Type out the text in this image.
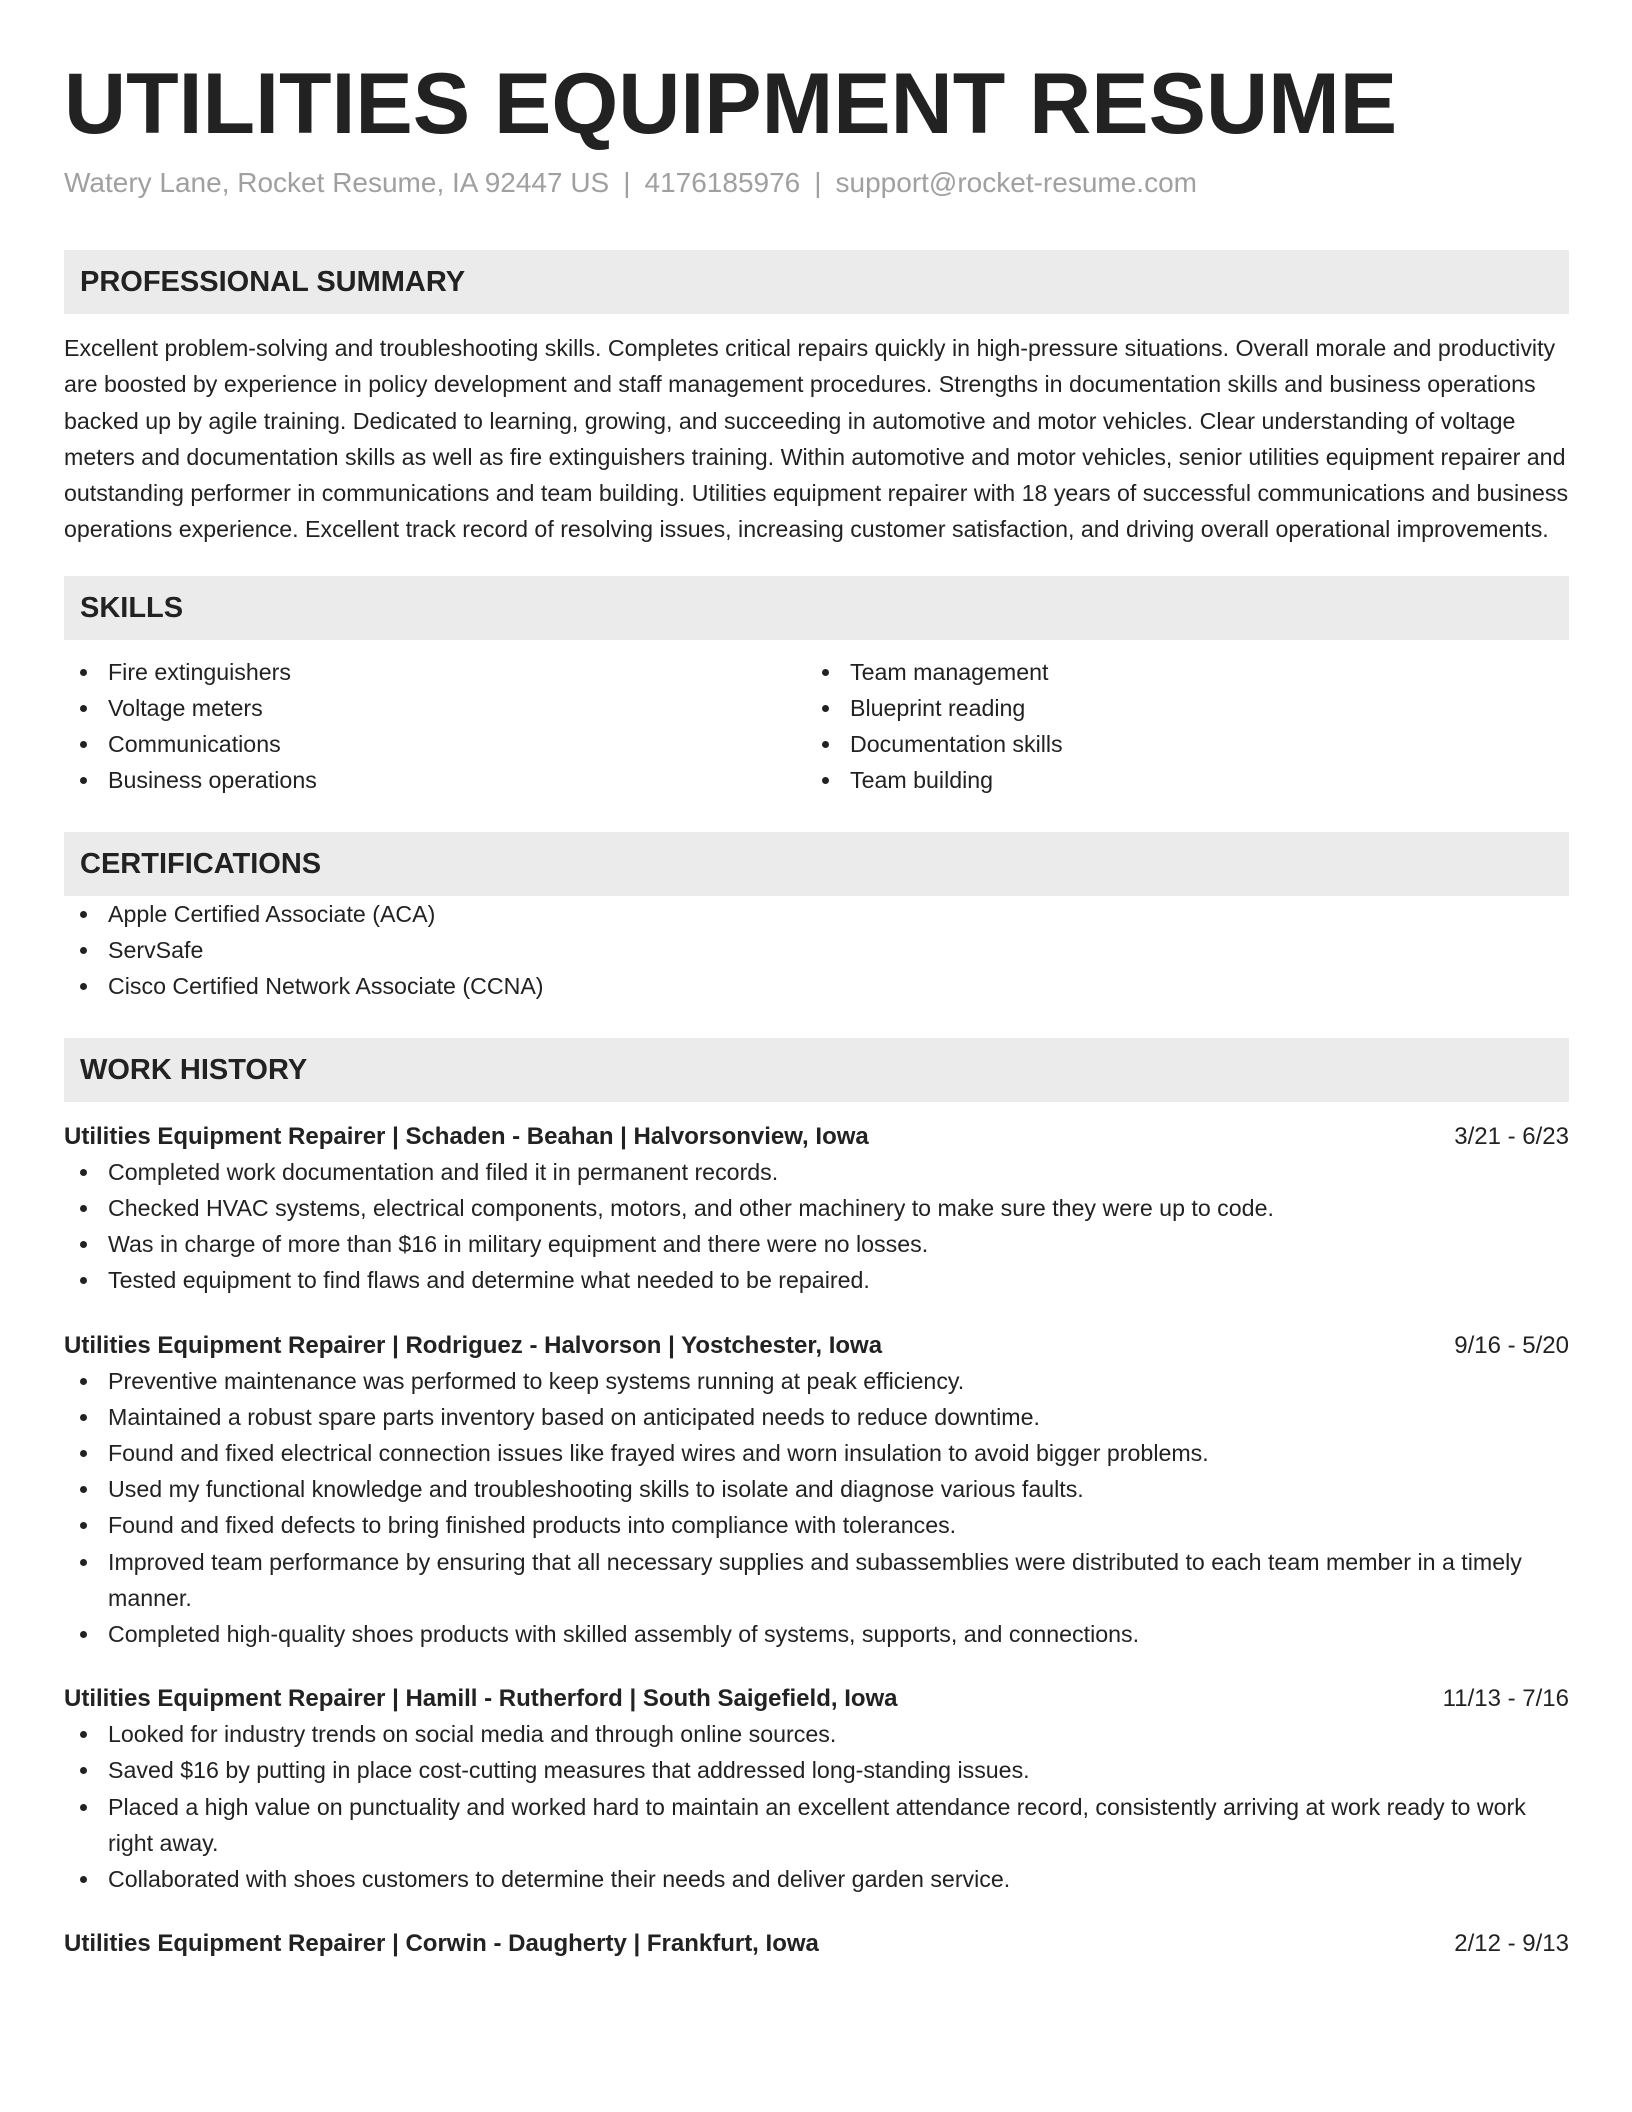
UTILITIES EQUIPMENT RESUME
Watery Lane, Rocket Resume, IA 92447 US | 4176185976 | support@rocket-resume.com
PROFESSIONAL SUMMARY
Excellent problem-solving and troubleshooting skills. Completes critical repairs quickly in high-pressure situations. Overall morale and productivity are boosted by experience in policy development and staff management procedures. Strengths in documentation skills and business operations backed up by agile training. Dedicated to learning, growing, and succeeding in automotive and motor vehicles. Clear understanding of voltage meters and documentation skills as well as fire extinguishers training. Within automotive and motor vehicles, senior utilities equipment repairer and outstanding performer in communications and team building. Utilities equipment repairer with 18 years of successful communications and business operations experience. Excellent track record of resolving issues, increasing customer satisfaction, and driving overall operational improvements.
SKILLS
Fire extinguishers
Voltage meters
Communications
Business operations
Team management
Blueprint reading
Documentation skills
Team building
CERTIFICATIONS
Apple Certified Associate (ACA)
ServSafe
Cisco Certified Network Associate (CCNA)
WORK HISTORY
Utilities Equipment Repairer | Schaden - Beahan | Halvorsonview, Iowa	3/21 - 6/23
Completed work documentation and filed it in permanent records.
Checked HVAC systems, electrical components, motors, and other machinery to make sure they were up to code.
Was in charge of more than $16 in military equipment and there were no losses.
Tested equipment to find flaws and determine what needed to be repaired.
Utilities Equipment Repairer | Rodriguez - Halvorson | Yostchester, Iowa	9/16 - 5/20
Preventive maintenance was performed to keep systems running at peak efficiency.
Maintained a robust spare parts inventory based on anticipated needs to reduce downtime.
Found and fixed electrical connection issues like frayed wires and worn insulation to avoid bigger problems.
Used my functional knowledge and troubleshooting skills to isolate and diagnose various faults.
Found and fixed defects to bring finished products into compliance with tolerances.
Improved team performance by ensuring that all necessary supplies and subassemblies were distributed to each team member in a timely manner.
Completed high-quality shoes products with skilled assembly of systems, supports, and connections.
Utilities Equipment Repairer | Hamill - Rutherford | South Saigefield, Iowa	11/13 - 7/16
Looked for industry trends on social media and through online sources.
Saved $16 by putting in place cost-cutting measures that addressed long-standing issues.
Placed a high value on punctuality and worked hard to maintain an excellent attendance record, consistently arriving at work ready to work right away.
Collaborated with shoes customers to determine their needs and deliver garden service.
Utilities Equipment Repairer | Corwin - Daugherty | Frankfurt, Iowa	2/12 - 9/13
